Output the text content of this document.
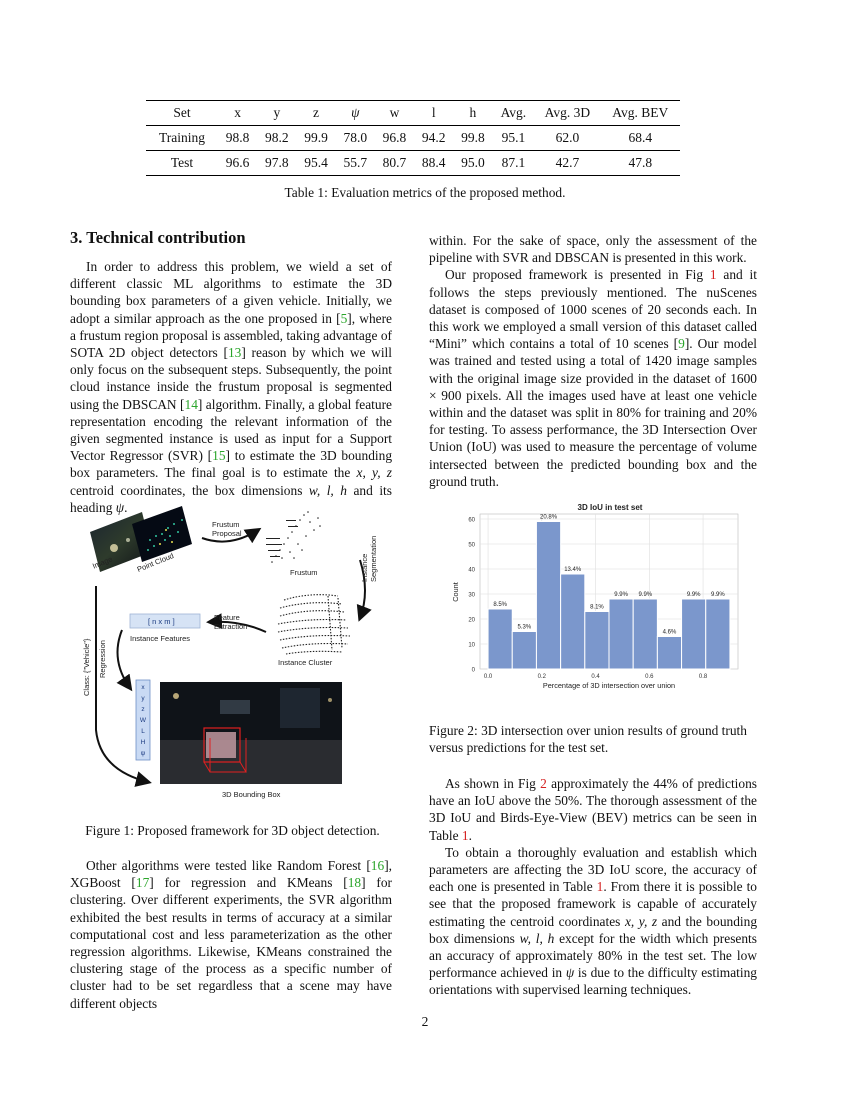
Set	x	y	z	ψ	w	l	h	Avg.	Avg. 3D	Avg. BEV
Training	98.8	98.2	99.9	78.0	96.8	94.2	99.8	95.1	62.0	68.4
Test	96.6	97.8	95.4	55.7	80.7	88.4	95.0	87.1	42.7	47.8
Table 1: Evaluation metrics of the proposed method.
3. Technical contribution

In order to address this problem, we wield a set of different classic ML algorithms to estimate the 3D bounding box parameters of a given vehicle. Initially, we adopt a similar approach as the one proposed in [5], where a frustum region proposal is assembled, taking advantage of SOTA 2D object detectors [13] reason by which we will only focus on the subsequent steps. Subsequently, the point cloud instance inside the frustum proposal is segmented using the DBSCAN [14] algorithm. Finally, a global feature representation encoding the relevant information of the given segmented instance is used as input for a Support Vector Regressor (SVR) [15] to estimate the 3D bounding box parameters. The final goal is to estimate the x, y, z centroid coordinates, the box dimensions w, l, h and its heading ψ.

Image	Point Cloud
Frustum
Proposal
Frustum	Instance
Segmentation
Feature
Extraction
Instance Cluster
[ n x m ]
Instance Features
Regression
Class: {"Vehicle"}
3D Bounding Box
x
y
z
W
L
H
ψ
Figure 1: Proposed framework for 3D object detection.

Other algorithms were tested like Random Forest [16], XGBoost [17] for regression and KMeans [18] for clustering. Over different experiments, the SVR algorithm exhibited the best results in terms of accuracy at a similar computational cost and less parameterization as the other regression algorithms. Likewise, KMeans constrained the clustering stage of the process as a specific number of cluster had to be set regardless that a scene may have different objects

within. For the sake of space, only the assessment of the pipeline with SVR and DBSCAN is presented in this work.

Our proposed framework is presented in Fig 1 and it follows the steps previously mentioned. The nuScenes dataset is composed of 1000 scenes of 20 seconds each. In this work we employed a small version of this dataset called “Mini” which contains a total of 10 scenes [9]. Our model was trained and tested using a total of 1420 image samples with the original image size provided in the dataset of 1600 × 900 pixels. All the images used have at least one vehicle within and the dataset was split in 80% for training and 20% for testing. To assess performance, the 3D Intersection Over Union (IoU) was used to measure the percentage of volume intersected between the predicted bounding box and the ground truth.

3D IoU in test set
8.5%
5.3%
20.8%
13.4%
8.1%
9.9% 9.9%
4.6%
9.9% 9.9%
0.0	0.2	0.4	0.6	0.8
0
10
20
30
40
50
60
Percentage of 3D intersection over union
Count
Figure 2: 3D intersection over union results of ground truth versus predictions for the test set.

As shown in Fig 2 approximately the 44% of predictions have an IoU above the 50%. The thorough assessment of the 3D IoU and Birds-Eye-View (BEV) metrics can be seen in Table 1.

To obtain a thoroughly evaluation and establish which parameters are affecting the 3D IoU score, the accuracy of each one is presented in Table 1. From there it is possible to see that the proposed framework is capable of accurately estimating the centroid coordinates x, y, z and the bounding box dimensions w, l, h except for the width which presents an accuracy of approximately 80% in the test set. The low performance achieved in ψ is due to the difficulty estimating orientations with supervised learning techniques.

2
